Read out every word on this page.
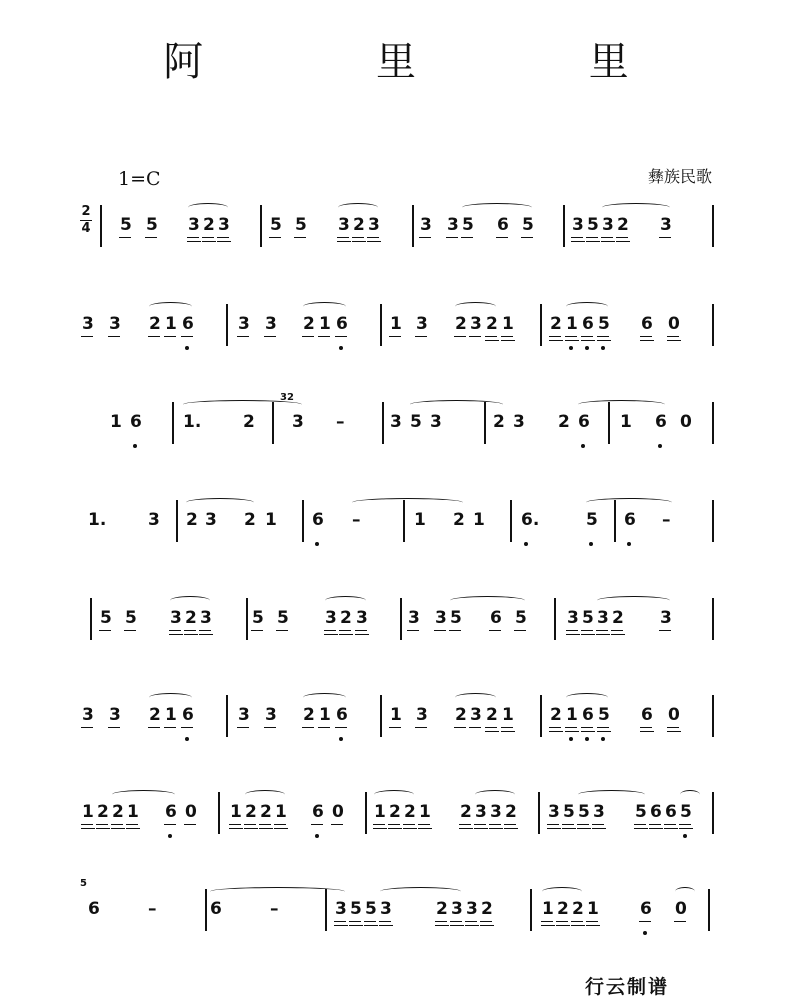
阿 里 里
1=C	彝族民歌
2
4 5 5 3 2 3 5 5 3 2 3 3 3 5 6 5 3 5 3 2 3
3 3 2 1 6	3 3 2 1 6 1 3 2 3 2 1 2 1 6 5 6 0
1 6 1. 2 3 –	3 5 3	2 3 2 6 1 6 0
1. 3 2 3 2 1 6 –	1 2 1 6.	5 6 –
5 5 3 2 3 5 5 3 2 3 3 3 5 6 5 3 5 3 2 3
3 3 2 1 6	3 3 2 1 6 1 3 2 3 2 1 2 1 6 5 6 0
1 2 2 1 6 0 1 2 2 1 6 0 1 2 2 1 2 3 3 2 3 5 5 3 5 6 6 5
6	–	6	–	3 5 5 3	2 3 3 2	1 2 2 1 6 0
行云制谱
32
5
